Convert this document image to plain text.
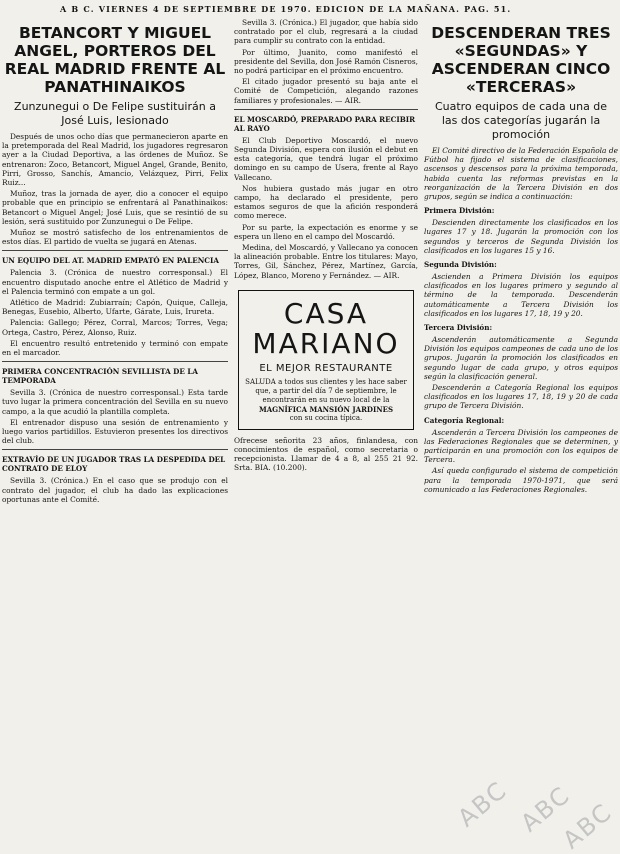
A B C. VIERNES 4 DE SEPTIEMBRE DE 1970. EDICION DE LA MAÑANA. PAG. 51.
BETANCORT Y MIGUEL ANGEL, PORTEROS DEL REAL MADRID FRENTE AL PANATHINAIKOS
Zunzunegui o De Felipe sustituirán a José Luis, lesionado
Después de unos ocho días que permanecieron aparte en la pretemporada del Real Madrid, los jugadores regresaron ayer a la Ciudad Deportiva, a las órdenes de Muñoz. Se entrenaron: Zoco, Betancort, Miguel Angel, Grande, Benito, Pirri, Grosso, Sanchís, Amancio, Velázquez, Pirri, Felix Ruiz...
Muñoz, tras la jornada de ayer, dio a conocer el equipo probable que en principio se enfrentará al Panathinaikos: Betancort o Miguel Angel; José Luis, que se resintió de su lesión, será sustituido por Zunzunegui o De Felipe.
Muñoz se mostró satisfecho de los entrenamientos de estos días. El partido de vuelta se jugará en Atenas.
UN EQUIPO DEL AT. MADRID EMPATÓ EN PALENCIA
Palencia 3. (Crónica de nuestro corresponsal.) El encuentro disputado anoche entre el Atlético de Madrid y el Palencia terminó con empate a un gol.
Atlético de Madrid: Zubiarraín; Capón, Quique, Calleja, Benegas, Eusebio, Alberto, Ufarte, Gárate, Luis, Irureta.
Palencia: Gallego; Pérez, Corral, Marcos; Torres, Vega; Ortega, Castro, Pérez, Alonso, Ruiz.
El encuentro resultó entretenido y terminó con empate en el marcador.
PRIMERA CONCENTRACIÓN SEVILLISTA DE LA TEMPORADA
Sevilla 3. (Crónica de nuestro corresponsal.) Esta tarde tuvo lugar la primera concentración del Sevilla en su nuevo campo, a la que acudió la plantilla completa.
El entrenador dispuso una sesión de entrenamiento y luego varios partidillos. Estuvieron presentes los directivos del club.
EXTRAVÍO DE UN JUGADOR TRAS LA DESPEDIDA DEL CONTRATO DE ELOY
Sevilla 3. (Crónica.) En el caso que se produjo con el contrato del jugador, el club ha dado las explicaciones oportunas ante el Comité.
Sevilla 3. (Crónica.) El jugador, que había sido contratado por el club, regresará a la ciudad para cumplir su contrato con la entidad.
Por último, Juanito, como manifestó el presidente del Sevilla, don José Ramón Cisneros, no podrá participar en el próximo encuentro.
El citado jugador presentó su baja ante el Comité de Competición, alegando razones familiares y profesionales. — AIR.
EL MOSCARDÓ, PREPARADO PARA RECIBIR AL RAYO
El Club Deportivo Moscardó, el nuevo Segunda División, espera con ilusión el debut en esta categoría, que tendrá lugar el próximo domingo en su campo de Usera, frente al Rayo Vallecano.
Nos hubiera gustado más jugar en otro campo, ha declarado el presidente, pero estamos seguros de que la afición responderá como merece.
Por su parte, la expectación es enorme y se espera un lleno en el campo del Moscardó.
Medina, del Moscardó, y Vallecano ya conocen la alineación probable. Entre los titulares: Mayo, Torres, Gil, Sánchez, Pérez, Martínez, García, López, Blanco, Moreno y Fernández. — AIR.
CASA MARIANO
EL MEJOR RESTAURANTE
SALUDA a todos sus clientes y les hace saber que, a partir del día 7 de septiembre, le encontrarán en su nuevo local de la
MAGNÍFICA MANSIÓN JARDINES
con su cocina típica.
Ofrecese señorita 23 años, finlandesa, con conocimientos de español, como secretaria o recepcionista. Llamar de 4 a 8, al 255 21 92. Srta. BIA. (10.200).
DESCENDERAN TRES «SEGUNDAS» Y ASCENDERAN CINCO «TERCERAS»
Cuatro equipos de cada una de las dos categorías jugarán la promoción
El Comité directivo de la Federación Española de Fútbol ha fijado el sistema de clasificaciones, ascensos y descensos para la próxima temporada, habida cuenta las reformas previstas en la reorganización de la Tercera División en dos grupos, según se indica a continuación:
Primera División:
Descienden directamente los clasificados en los lugares 17 y 18. Jugarán la promoción con los segundos y terceros de Segunda División los clasificados en los lugares 15 y 16.
Segunda División:
Ascienden a Primera División los equipos clasificados en los lugares primero y segundo al término de la temporada. Descenderán automáticamente a Tercera División los clasificados en los lugares 17, 18, 19 y 20.
Tercera División:
Ascenderán automáticamente a Segunda División los equipos campeones de cada uno de los grupos. Jugarán la promoción los clasificados en segundo lugar de cada grupo, y otros equipos según la clasificación general.
Descenderán a Categoría Regional los equipos clasificados en los lugares 17, 18, 19 y 20 de cada grupo de Tercera División.
Categoría Regional:
Ascenderán a Tercera División los campeones de las Federaciones Regionales que se determinen, y participarán en una promoción con los equipos de Tercera.
Así queda configurado el sistema de competición para la temporada 1970-1971, que será comunicado a las Federaciones Regionales.
ABC ABC
ABC
